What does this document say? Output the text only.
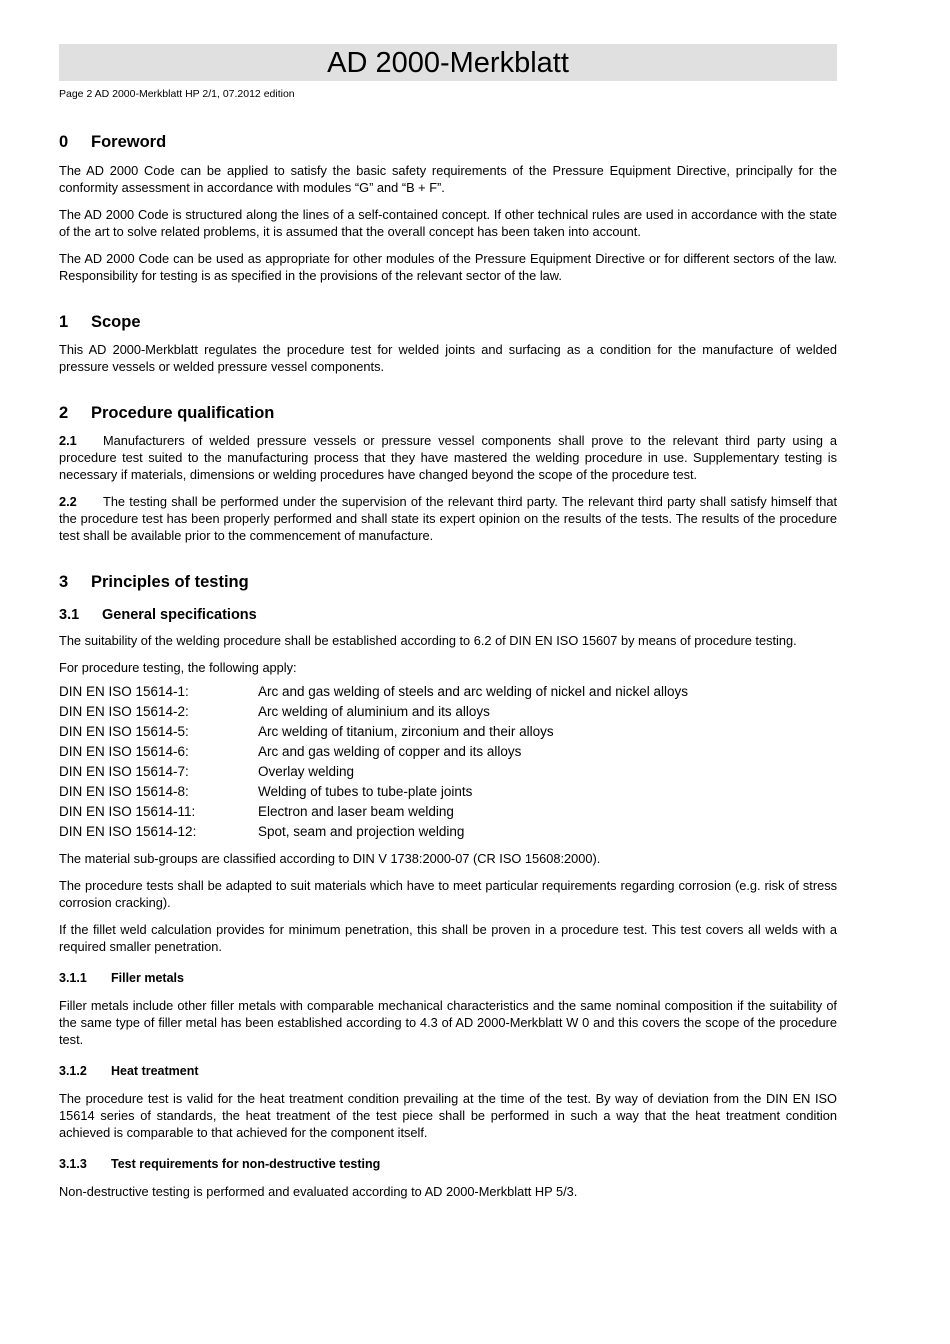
AD 2000-Merkblatt
Page 2 AD 2000-Merkblatt HP 2/1, 07.2012 edition
0 Foreword

The AD 2000 Code can be applied to satisfy the basic safety requirements of the Pressure Equipment Directive, principally for the conformity assessment in accordance with modules “G” and “B + F”.

The AD 2000 Code is structured along the lines of a self-contained concept. If other technical rules are used in accordance with the state of the art to solve related problems, it is assumed that the overall concept has been taken into account.

The AD 2000 Code can be used as appropriate for other modules of the Pressure Equipment Directive or for different sectors of the law. Responsibility for testing is as specified in the provisions of the relevant sector of the law.

1 Scope

This AD 2000-Merkblatt regulates the procedure test for welded joints and surfacing as a condition for the manufacture of welded pressure vessels or welded pressure vessel components.

2 Procedure qualification

2.1 Manufacturers of welded pressure vessels or pressure vessel components shall prove to the relevant third party using a procedure test suited to the manufacturing process that they have mastered the welding procedure in use. Supplementary testing is necessary if materials, dimensions or welding procedures have changed beyond the scope of the procedure test.

2.2 The testing shall be performed under the supervision of the relevant third party. The relevant third party shall satisfy himself that the procedure test has been properly performed and shall state its expert opinion on the results of the tests. The results of the procedure test shall be available prior to the commencement of manufacture.

3 Principles of testing
3.1 General specifications

The suitability of the welding procedure shall be established according to 6.2 of DIN EN ISO 15607 by means of procedure testing.

For procedure testing, the following apply:

DIN EN ISO 15614-1:	Arc and gas welding of steels and arc welding of nickel and nickel alloys
DIN EN ISO 15614-2:	Arc welding of aluminium and its alloys
DIN EN ISO 15614-5:	Arc welding of titanium, zirconium and their alloys
DIN EN ISO 15614-6:	Arc and gas welding of copper and its alloys
DIN EN ISO 15614-7:	Overlay welding
DIN EN ISO 15614-8:	Welding of tubes to tube-plate joints
DIN EN ISO 15614-11:	Electron and laser beam welding
DIN EN ISO 15614-12:	Spot, seam and projection welding

The material sub-groups are classified according to DIN V 1738:2000-07 (CR ISO 15608:2000).

The procedure tests shall be adapted to suit materials which have to meet particular requirements regarding corrosion (e.g. risk of stress corrosion cracking).

If the fillet weld calculation provides for minimum penetration, this shall be proven in a procedure test. This test covers all welds with a required smaller penetration.

3.1.1 Filler metals

Filler metals include other filler metals with comparable mechanical characteristics and the same nominal composition if the suitability of the same type of filler metal has been established according to 4.3 of AD 2000-Merkblatt W 0 and this covers the scope of the procedure test.

3.1.2 Heat treatment

The procedure test is valid for the heat treatment condition prevailing at the time of the test. By way of deviation from the DIN EN ISO 15614 series of standards, the heat treatment of the test piece shall be performed in such a way that the heat treatment condition achieved is comparable to that achieved for the component itself.

3.1.3 Test requirements for non-destructive testing

Non-destructive testing is performed and evaluated according to AD 2000-Merkblatt HP 5/3.
